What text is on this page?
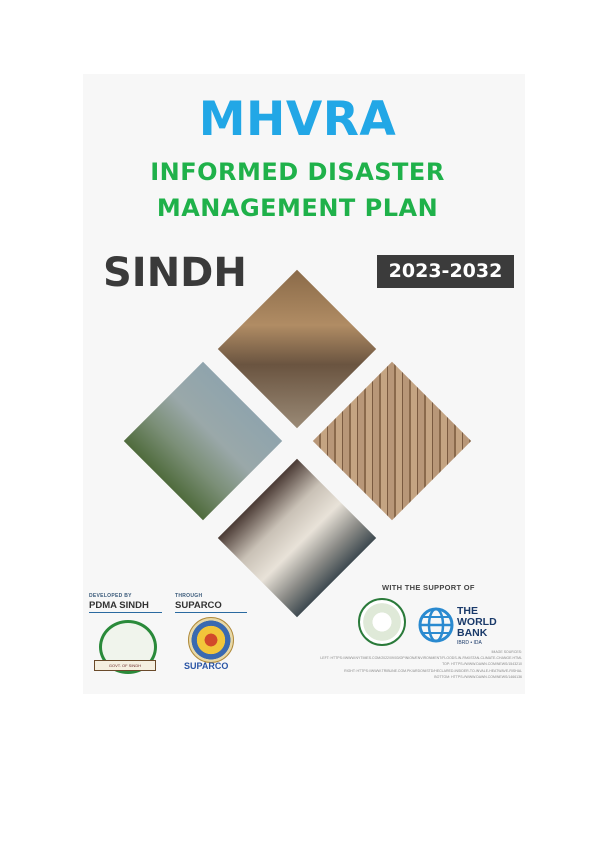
MHVRA
INFORMED DISASTER
MANAGEMENT PLAN
SINDH	2023-2032
DEVELOPED BY
PDMA SINDH
THROUGH
SUPARCO
GOVT. OF SINDH	SUPARCO
WITH THE SUPPORT OF
THE
WORLD
BANK
IBRD • IDA
IMAGE SOURCES:
LEFT: HTTPS://WWW.NYTIMES.COM/2022/09/03/OPINION/ENVIRONMENT/FLOODS-IN-PAKISTAN-CLIMATE-CHANGE.HTML
TOP: HTTPS://WWW.DAWN.COM/NEWS/1543210
RIGHT: HTTPS://WWW.TRIBUNE.COM.PK/ARDONISTD/HECLARED-INSIDER-TO-INVALE-HEATWAVE-RISHAL
BOTTOM: HTTPS://WWW.DAWN.COM/NEWS/1466136
